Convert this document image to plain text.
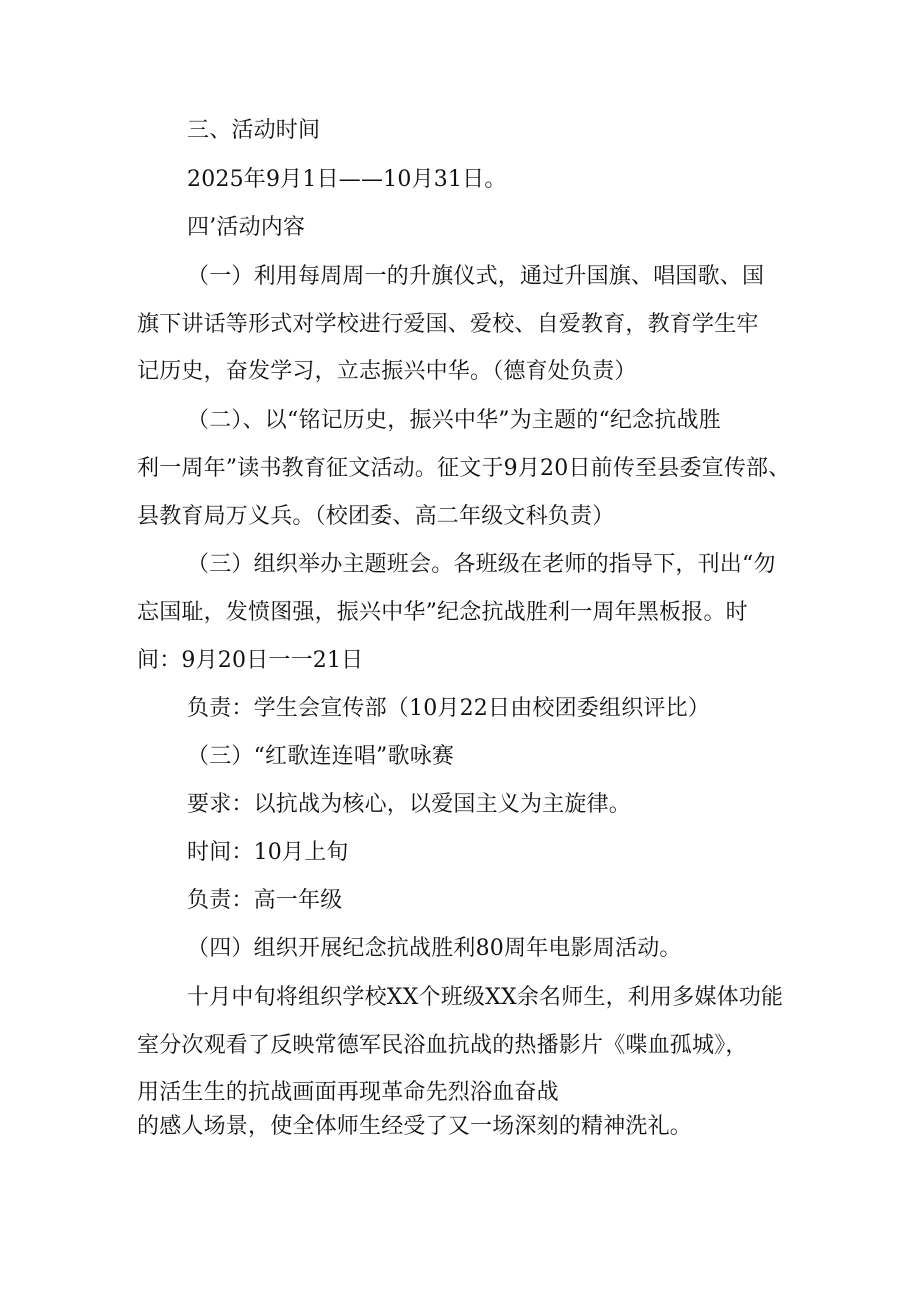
三、活动时间
2025年9月1日——10月31日。
四’活动内容
（一）利用每周周一的升旗仪式，通过升国旗、唱国歌、国
旗下讲话等形式对学校进行爱国、爱校、自爱教育，教育学生牢
记历史，奋发学习，立志振兴中华。（德育处负责）
（二）、以“铭记历史，振兴中华”为主题的“纪念抗战胜
利一周年”读书教育征文活动。征文于9月20日前传至县委宣传部、
县教育局万义兵。（校团委、高二年级文科负责）
（三）组织举办主题班会。各班级在老师的指导下，刊出“勿
忘国耻，发愤图强，振兴中华”纪念抗战胜利一周年黑板报。时
间：9月20日一一21日
负责：学生会宣传部（10月22日由校团委组织评比）
（三）“红歌连连唱”歌咏赛
要求：以抗战为核心，以爱国主义为主旋律。
时间：10月上旬
负责：高一年级
（四）组织开展纪念抗战胜利80周年电影周活动。
十月中旬将组织学校XX个班级XX余名师生，利用多媒体功能
室分次观看了反映常德军民浴血抗战的热播影片《喋血孤城》，
用活生生的抗战画面再现革命先烈浴血奋战
的感人场景，使全体师生经受了又一场深刻的精神洗礼。
